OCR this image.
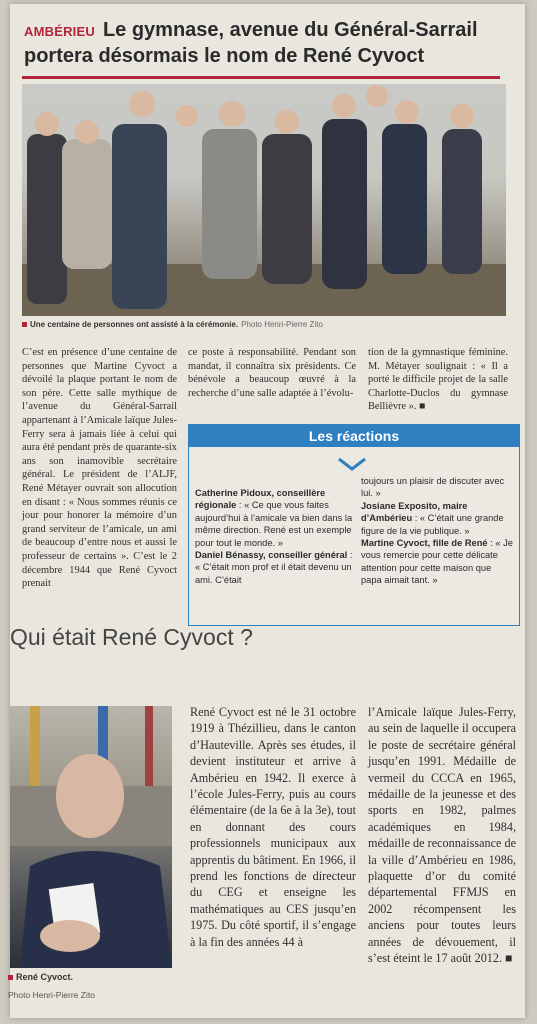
AMBÉRIEU Le gymnase, avenue du Général-Sarrail portera désormais le nom de René Cyvoct
Une centaine de personnes ont assisté à la cérémonie. Photo Henri-Pierre Zito
C’est en présence d’une centaine de personnes que Martine Cyvoct a dévoilé la plaque portant le nom de son père. Cette salle mythique de l’avenue du Général-Sarrail appartenant à l’Amicale laïque Jules-Ferry sera à jamais liée à celui qui aura été pendant près de quarante-six ans son inamovible secrétaire général. Le président de l’ALJF, René Métayer ouvrait son allocution en disant : « Nous sommes réunis ce jour pour honorer la mémoire d’un grand serviteur de l’amicale, un ami de beaucoup d’entre nous et aussi le professeur de certains ». C’est le 2 décembre 1944 que René Cyvoct prenait
ce poste à responsabilité. Pendant son mandat, il connaîtra six présidents. Ce bénévole a beaucoup œuvré à la recherche d’une salle adaptée à l’évolu-
tion de la gymnastique féminine. M. Métayer soulignait : « Il a porté le difficile projet de la salle Charlotte-Duclos du gymnase Bellièvre ». ■
Les réactions
Catherine Pidoux, conseillère régionale : « Ce que vous faites aujourd’hui à l’amicale va bien dans la même direction. René est un exemple pour tout le monde. »
Daniel Bénassy, conseiller général : « C’était mon prof et il était devenu un ami. C’était
toujours un plaisir de discuter avec lui. »
Josiane Exposito, maire d’Ambérieu : « C’était une grande figure de la vie publique. »
Martine Cyvoct, fille de René : « Je vous remercie pour cette délicate attention pour cette maison que papa aimait tant. »
Qui était René Cyvoct ?
René Cyvoct.
Photo Henri-Pierre Zito
René Cyvoct est né le 31 octobre 1919 à Thézillieu, dans le canton d’Hauteville. Après ses études, il devient instituteur et arrive à Ambérieu en 1942. Il exerce à l’école Jules-Ferry, puis au cours élémentaire (de la 6e à la 3e), tout en donnant des cours professionnels municipaux aux apprentis du bâtiment. En 1966, il prend les fonctions de directeur du CEG et enseigne les mathématiques au CES jusqu’en 1975. Du côté sportif, il s’engage à la fin des années 44 à
l’Amicale laïque Jules-Ferry, au sein de laquelle il occupera le poste de secrétaire général jusqu’en 1991. Médaille de vermeil du CCCA en 1965, médaille de la jeunesse et des sports en 1982, palmes académiques en 1984, médaille de reconnaissance de la ville d’Ambérieu en 1986, plaquette d’or du comité départemental FFMJS en 2002 récompensent les anciens pour toutes leurs années de dévouement, il s’est éteint le 17 août 2012. ■
